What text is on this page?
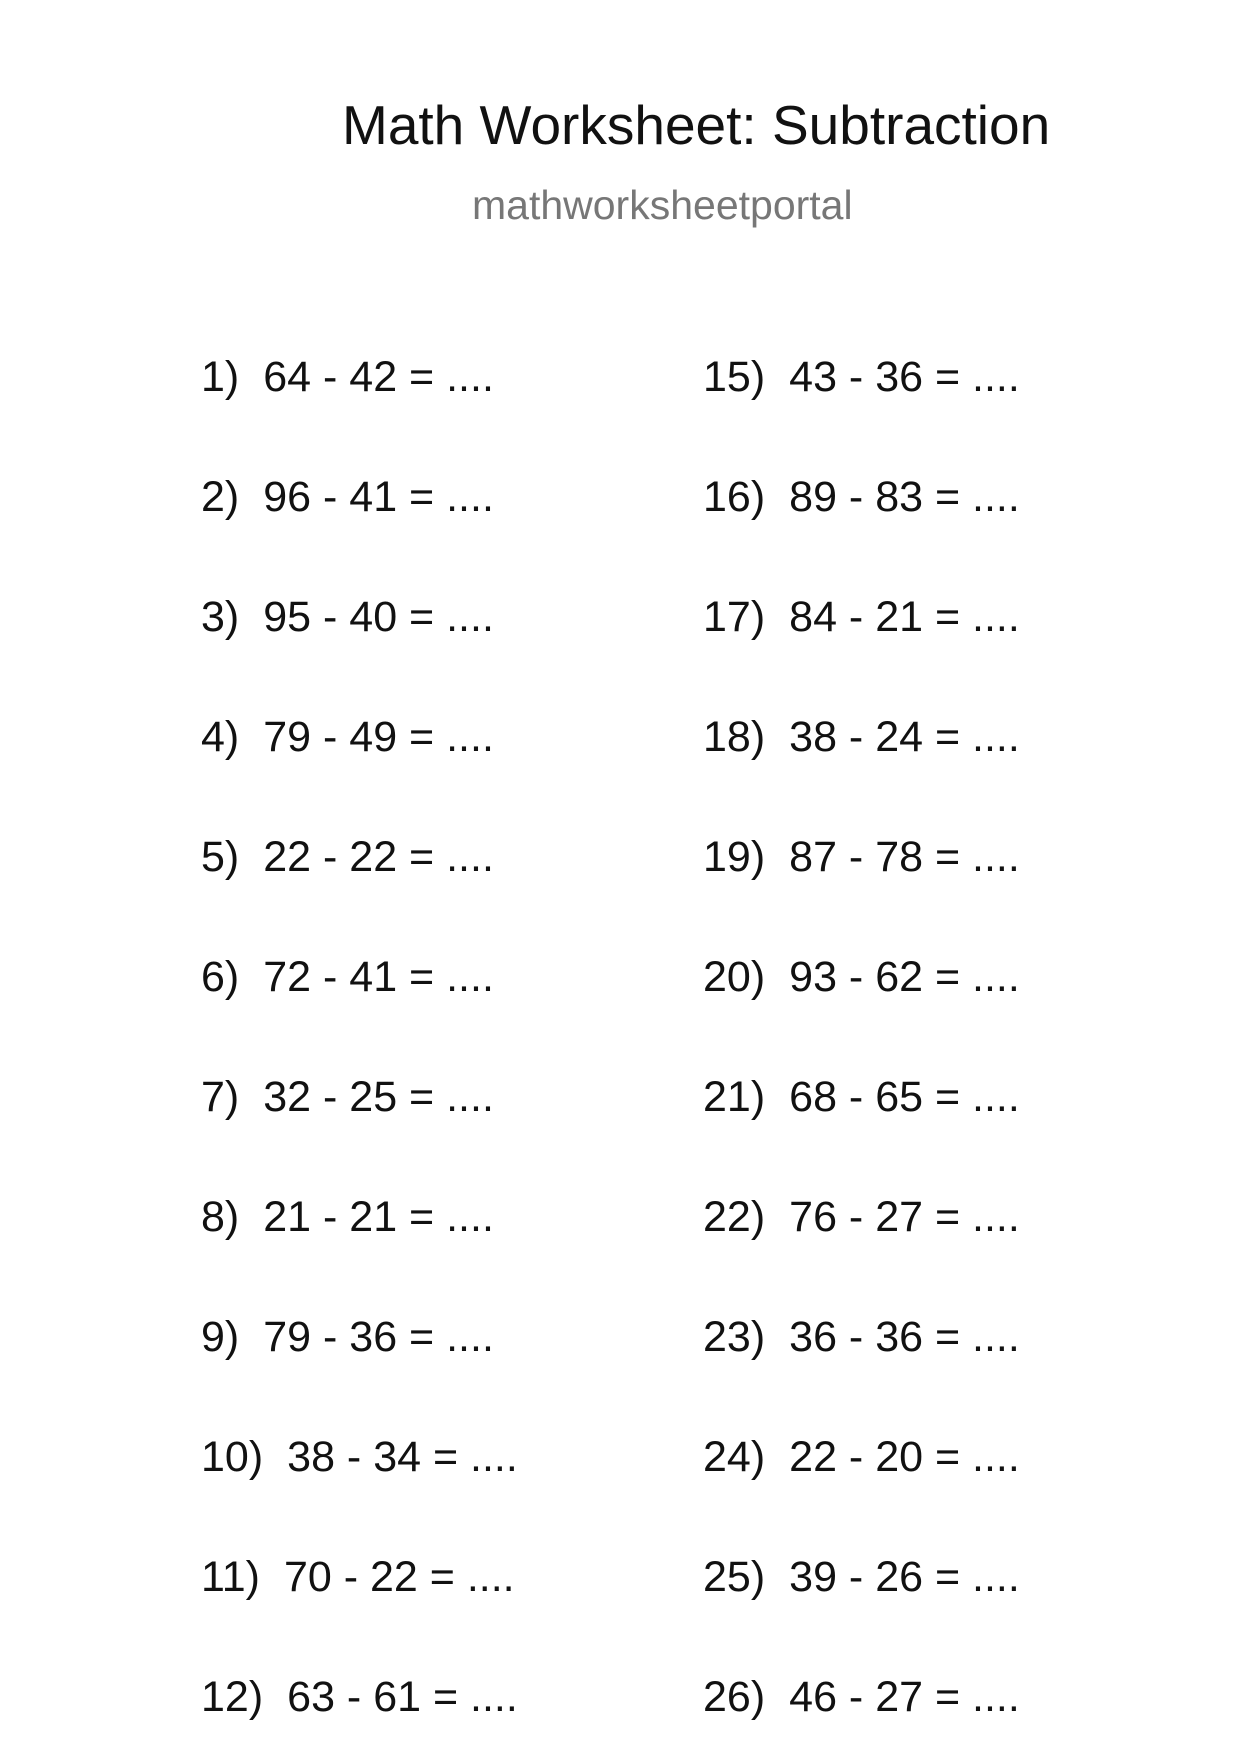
Math Worksheet: Subtraction
mathworksheetportal
1) 64 - 42 = ....
2) 96 - 41 = ....
3) 95 - 40 = ....
4) 79 - 49 = ....
5) 22 - 22 = ....
6) 72 - 41 = ....
7) 32 - 25 = ....
8) 21 - 21 = ....
9) 79 - 36 = ....
10) 38 - 34 = ....
11) 70 - 22 = ....
12) 63 - 61 = ....
15) 43 - 36 = ....
16) 89 - 83 = ....
17) 84 - 21 = ....
18) 38 - 24 = ....
19) 87 - 78 = ....
20) 93 - 62 = ....
21) 68 - 65 = ....
22) 76 - 27 = ....
23) 36 - 36 = ....
24) 22 - 20 = ....
25) 39 - 26 = ....
26) 46 - 27 = ....
